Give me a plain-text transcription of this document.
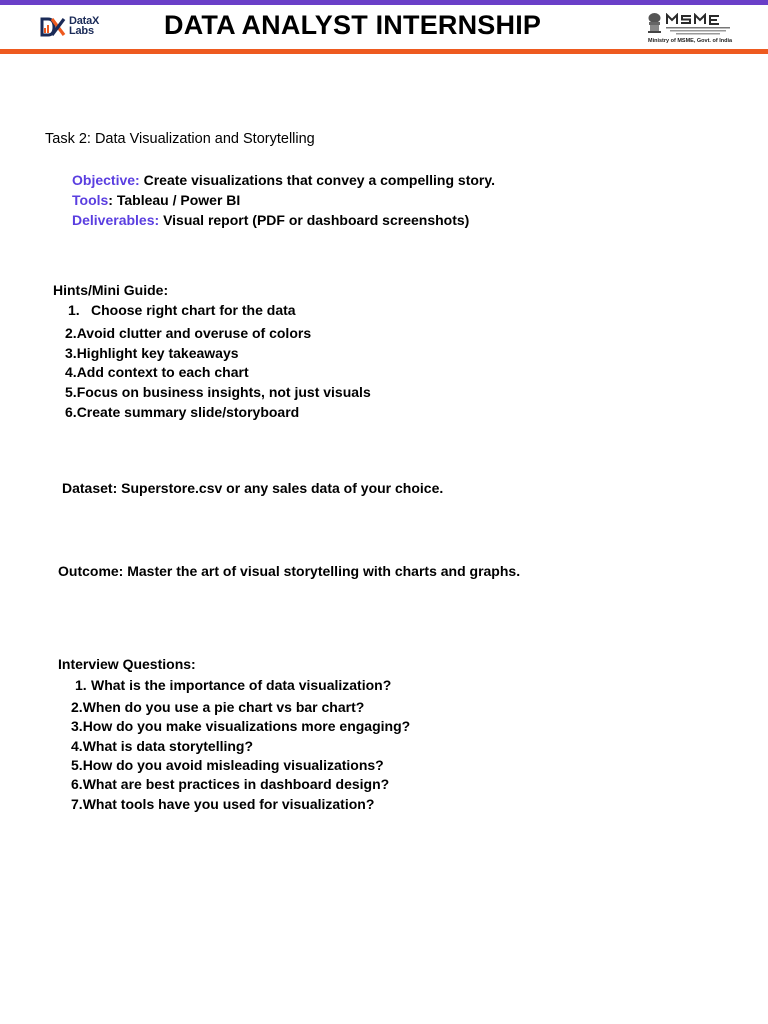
DataX
Labs	DATA ANALYST INTERNSHIP
Ministry of MSME, Govt. of India
Task 2: Data Visualization and Storytelling
Objective: Create visualizations that convey a compelling story.
Tools: Tableau / Power BI
Deliverables: Visual report (PDF or dashboard screenshots)
Hints/Mini Guide:
1. Choose right chart for the data
2.Avoid clutter and overuse of colors
3.Highlight key takeaways
4.Add context to each chart
5.Focus on business insights, not just visuals
6.Create summary slide/storyboard
Dataset: Superstore.csv or any sales data of your choice.
Outcome: Master the art of visual storytelling with charts and graphs.
Interview Questions:
1. What is the importance of data visualization?
2.When do you use a pie chart vs bar chart?
3.How do you make visualizations more engaging?
4.What is data storytelling?
5.How do you avoid misleading visualizations?
6.What are best practices in dashboard design?
7.What tools have you used for visualization?
